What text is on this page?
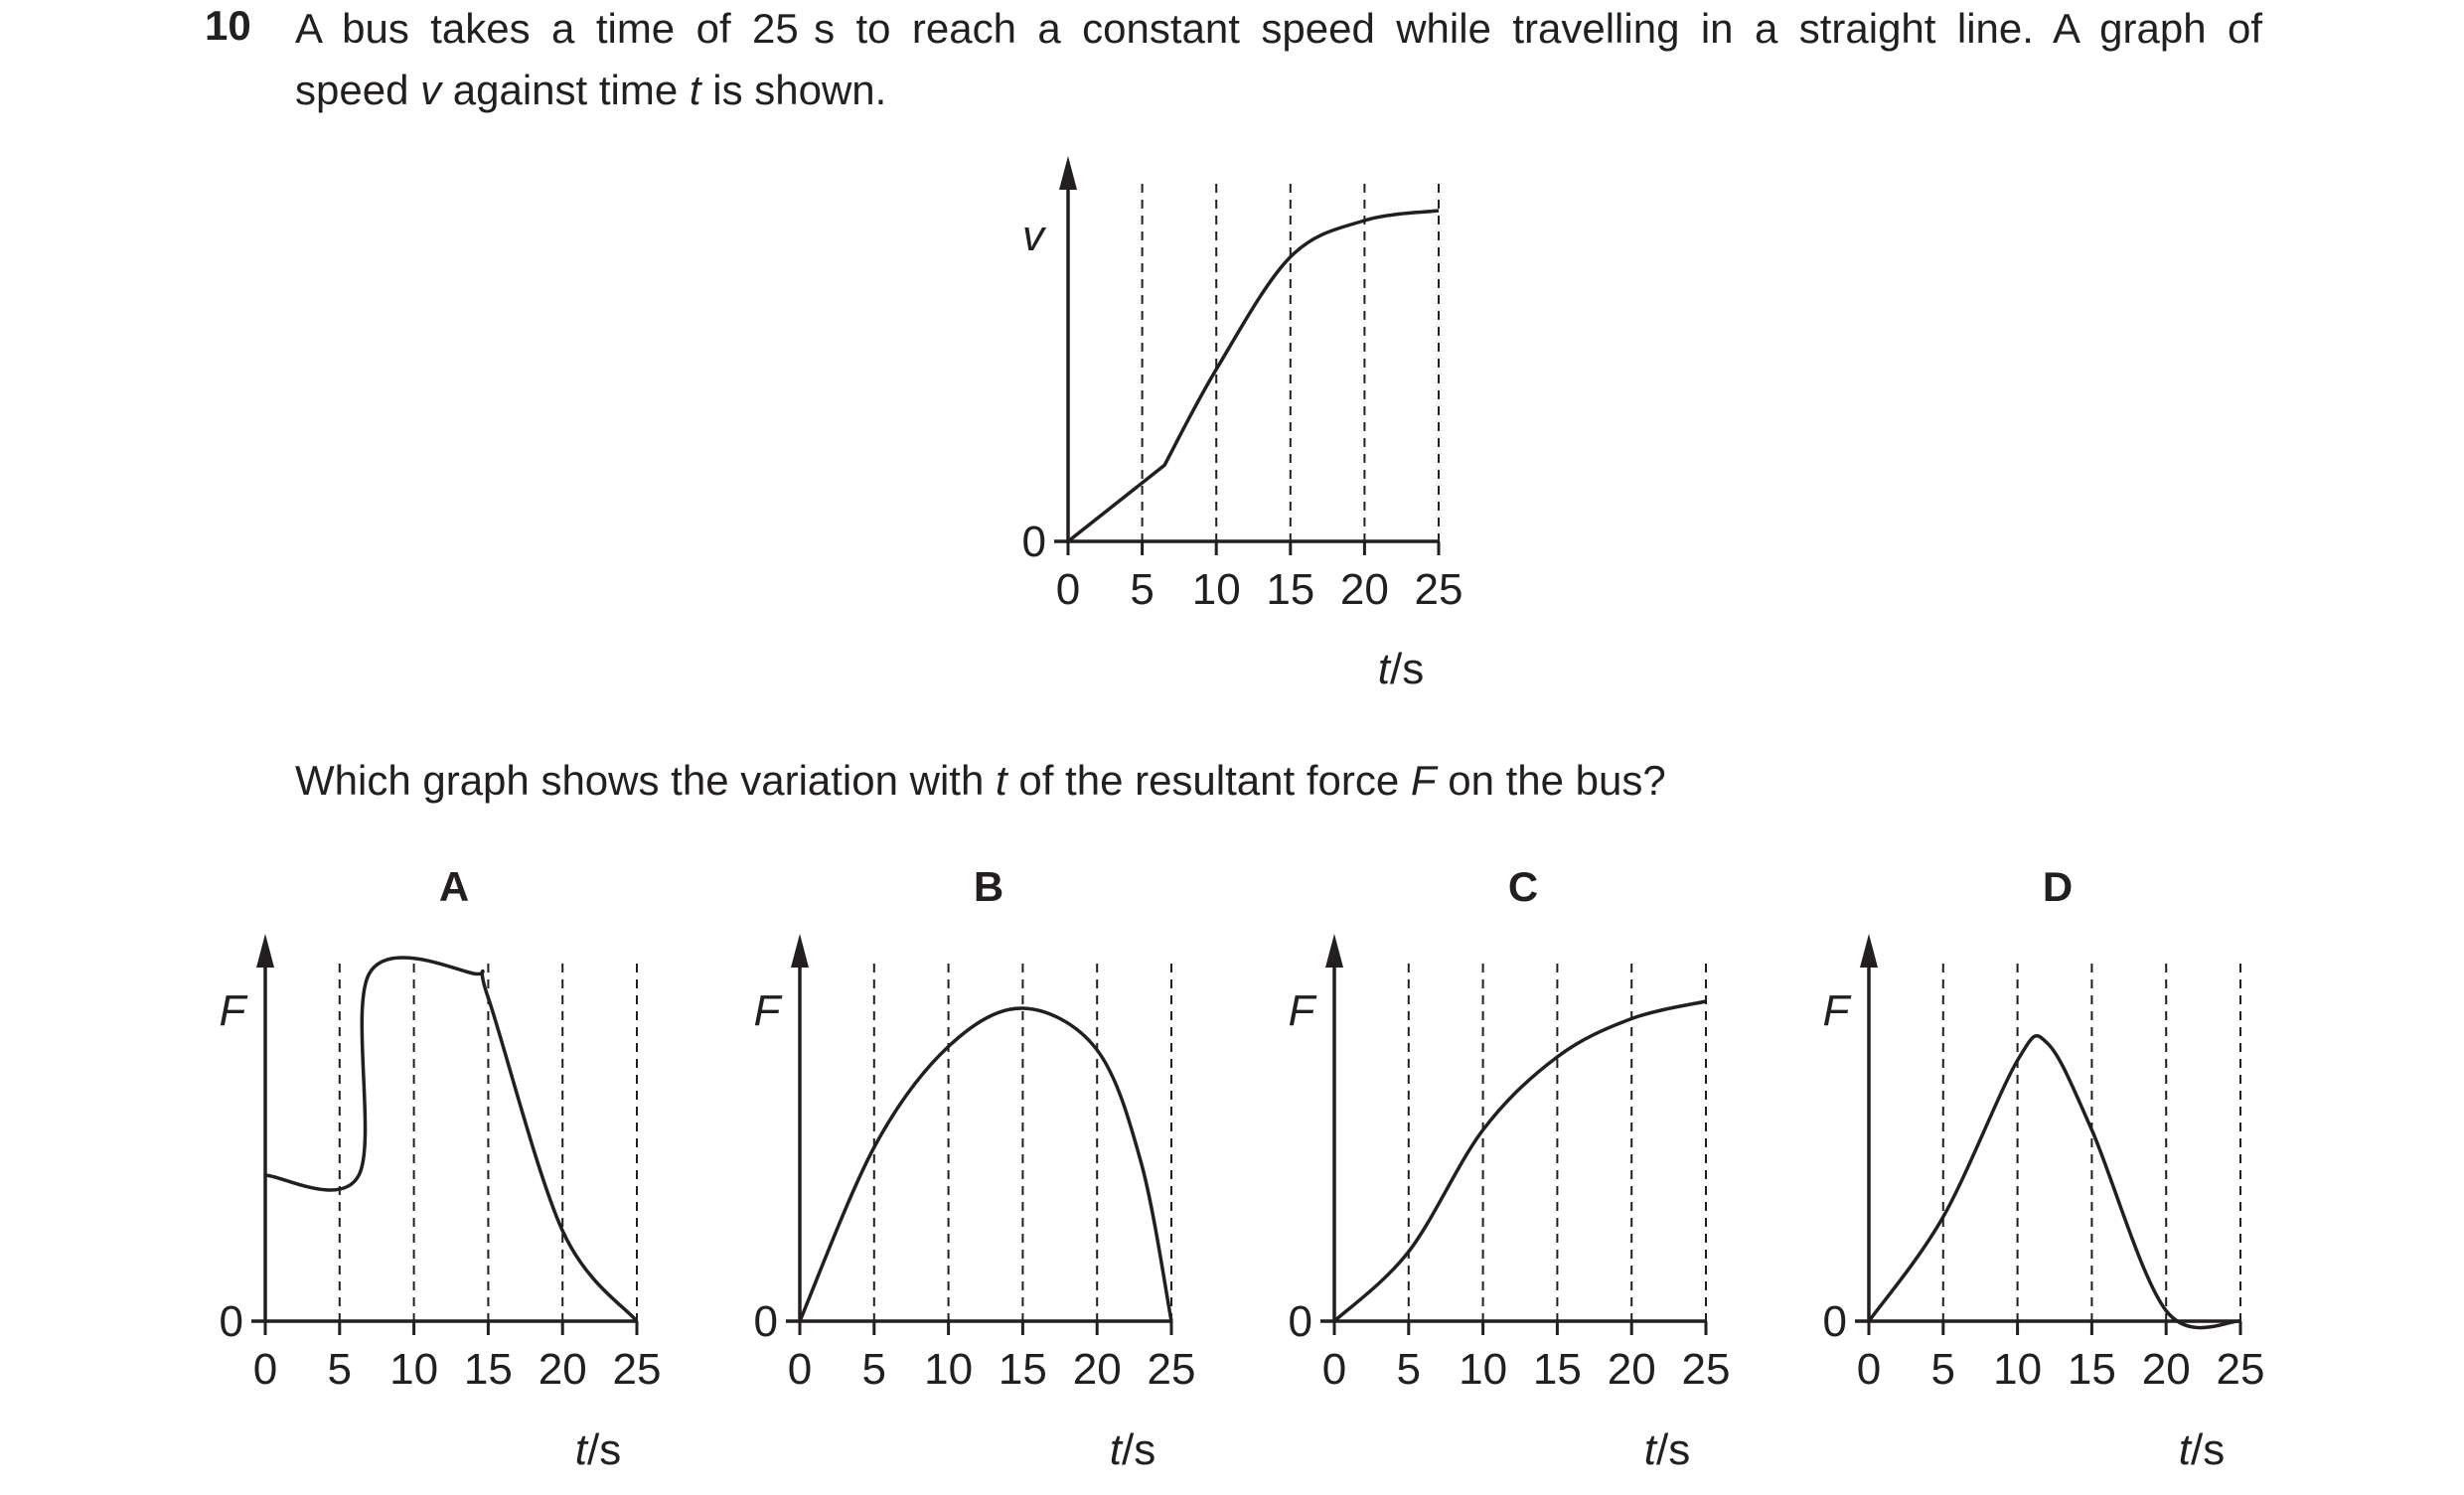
10 A bus takes a time of 25 s to reach a constant speed while travelling in a straight line. A graph of
speed v against time t is shown.
Which graph shows the variation with t of the resultant force F on the bus?
0 5 10 15 20 25
0
v
t/s
0 5 10 15 20 25
0
F
t/s
A
0 5 10 15 20 25
0
F
t/s
B
0 5 10 15 20 25
0
F
t/s
C
0 5 10 15 20 25
0
F
t/s
D
